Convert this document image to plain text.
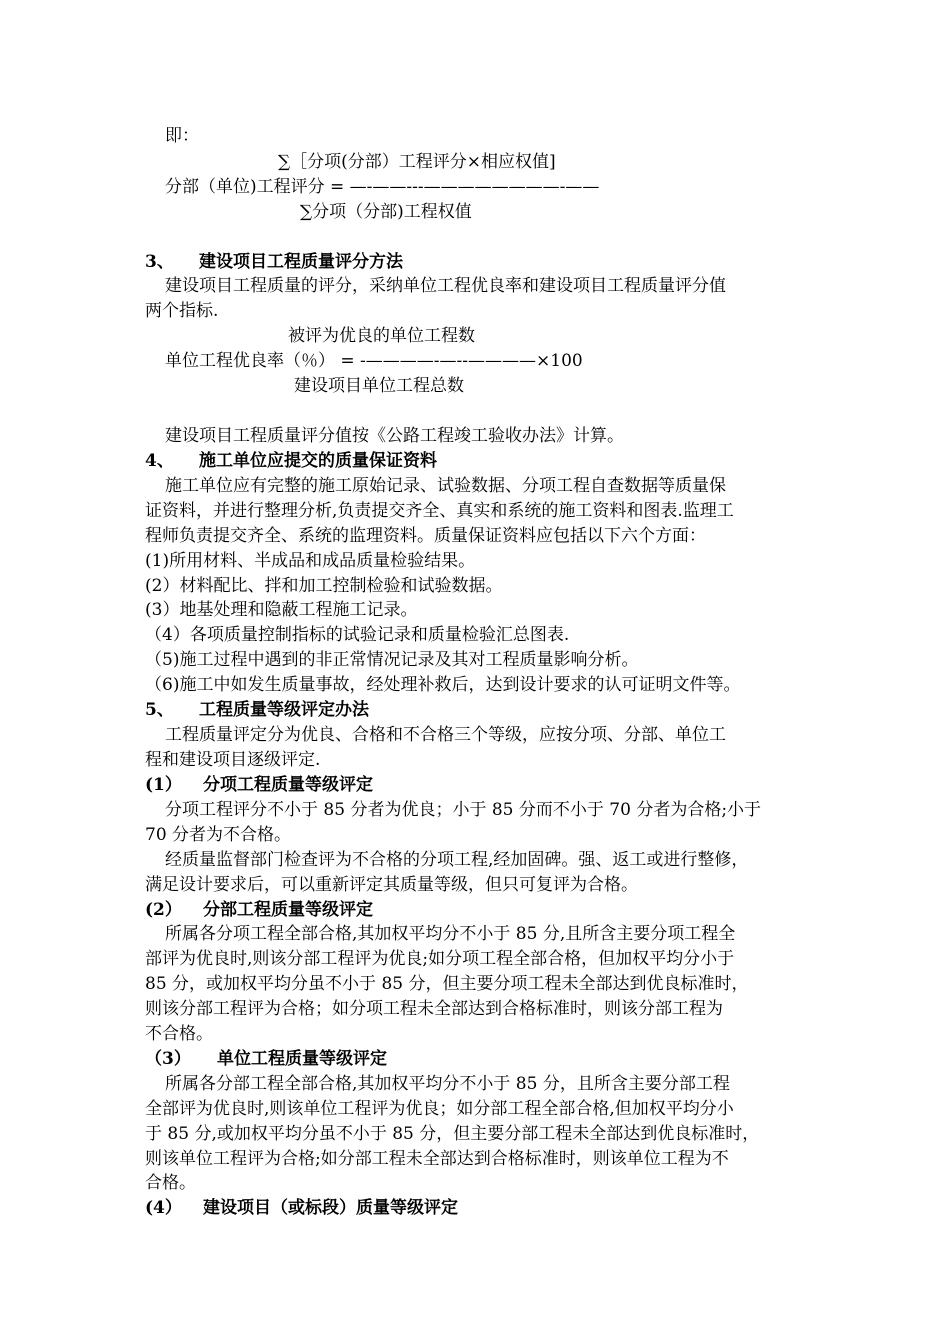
即：
∑［分项(分部）工程评分×相应权值]
分部（单位)工程评分 = —-——---————————-——
∑分项（分部)工程权值
3、 建设项目工程质量评分方法
建设项目工程质量的评分，采纳单位工程优良率和建设项目工程质量评分值
两个指标.
被评为优良的单位工程数
单位工程优良率（％） = -————-—--————×100
建设项目单位工程总数
建设项目工程质量评分值按《公路工程竣工验收办法》计算。
4、 施工单位应提交的质量保证资料
施工单位应有完整的施工原始记录、试验数据、分项工程自查数据等质量保
证资料，并进行整理分析,负责提交齐全、真实和系统的施工资料和图表.监理工
程师负责提交齐全、系统的监理资料。质量保证资料应包括以下六个方面：
(1)所用材料、半成品和成品质量检验结果。
(2）材料配比、拌和加工控制检验和试验数据。
(3）地基处理和隐蔽工程施工记录。
（4）各项质量控制指标的试验记录和质量检验汇总图表.
（5)施工过程中遇到的非正常情况记录及其对工程质量影响分析。
（6)施工中如发生质量事故，经处理补救后，达到设计要求的认可证明文件等。
5、 工程质量等级评定办法
工程质量评定分为优良、合格和不合格三个等级，应按分项、分部、单位工
程和建设项目逐级评定.
(1） 分项工程质量等级评定
分项工程评分不小于 85 分者为优良；小于 85 分而不小于 70 分者为合格;小于
70 分者为不合格。
经质量监督部门检查评为不合格的分项工程,经加固碑。强、返工或进行整修，
满足设计要求后，可以重新评定其质量等级，但只可复评为合格。
(2） 分部工程质量等级评定
所属各分项工程全部合格,其加权平均分不小于 85 分,且所含主要分项工程全
部评为优良时,则该分部工程评为优良;如分项工程全部合格，但加权平均分小于
85 分，或加权平均分虽不小于 85 分，但主要分项工程未全部达到优良标准时，
则该分部工程评为合格；如分项工程未全部达到合格标准时，则该分部工程为
不合格。
（3） 单位工程质量等级评定
所属各分部工程全部合格,其加权平均分不小于 85 分，且所含主要分部工程
全部评为优良时,则该单位工程评为优良；如分部工程全部合格,但加权平均分小
于 85 分,或加权平均分虽不小于 85 分，但主要分部工程未全部达到优良标准时，
则该单位工程评为合格;如分部工程未全部达到合格标准时，则该单位工程为不
合格。
(4） 建设项目（或标段）质量等级评定
